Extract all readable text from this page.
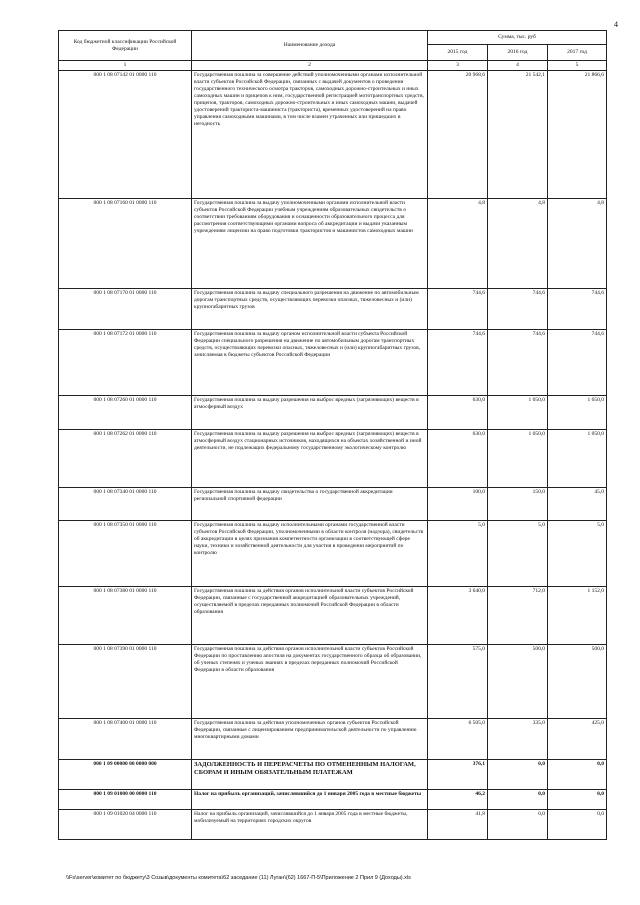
4
Код бюджетной классификации Российской Федерации	Наименование дохода	Сумма, тыс. руб		
		2015 год	2016 год	2017 год
1	2	3	4	5
000 1 08 07142 01 0000 110	Государственная пошлина за совершение действий уполномоченными органами исполнительной власти субъектов Российской Федерации, связанных с выдачей документов о проведении государственного технического осмотра тракторов, самоходных дорожно-строительных и иных самоходных машин и прицепов к ним, государственной регистрацией мототранспортных средств, прицепов, тракторов, самоходных дорожно-строительных и иных самоходных машин, выдачей удостоверений тракториста-машиниста (тракториста), временных удостоверений на право управления самоходными машинами, в том числе взамен утраченных или пришедших в негодность	20 968,6	21 542,1	21 866,6
000 1 08 07160 01 0000 110	Государственная пошлина за выдачу уполномоченными органами исполнительной власти субъектов Российской Федерации учебным учреждениям образовательных свидетельств о соответствии требованиям оборудования и оснащенности образовательного процесса для рассмотрения соответствующими органами вопроса об аккредитации и выдачи указанным учреждениям лицензии на право подготовки трактористов и машинистов самоходных машин	4,8	4,8	4,8
000 1 08 07170 01 0000 110	Государственная пошлина за выдачу специального разрешения на движение по автомобильным дорогам транспортных средств, осуществляющих перевозки опасных, тяжеловесных и (или) крупногабаритных грузов	744,6	744,6	744,6
000 1 08 07172 01 0000 110	Государственная пошлина за выдачу органом исполнительной власти субъекта Российской Федерации специального разрешения на движение по автомобильным дорогам транспортных средств, осуществляющих перевозки опасных, тяжеловесных и (или) крупногабаритных грузов, зачисляемая в бюджеты субъектов Российской Федерации	744,6	744,6	744,6
000 1 08 07260 01 0000 110	Государственная пошлина за выдачу разрешения на выброс вредных (загрязняющих) веществ в атмосферный воздух	630,0	1 050,0	1 050,0
000 1 08 07262 01 0000 110	Государственная пошлина за выдачу разрешения на выброс вредных (загрязняющих) веществ в атмосферный воздух стационарных источников, находящихся на объектах хозяйственной и иной деятельности, не подлежащих федеральному государственному экологическому контролю	630,0	1 050,0	1 050,0
000 1 08 07340 01 0000 110	Государственная пошлина за выдачу свидетельства о государственной аккредитации региональной спортивной федерации	100,0	150,0	45,0
000 1 08 07350 01 0000 110	Государственная пошлина за выдачу исполнительными органами государственной власти субъектов Российской Федерации, уполномоченными в области контроля (надзора), свидетельств об аккредитации в целях признания компетентности организации в соответствующей сфере науки, техники и хозяйственной деятельности для участия в проведении мероприятий по контролю	5,0	5,0	5,0
000 1 08 07380 01 0000 110	Государственная пошлина за действия органов исполнительной власти субъектов Российской Федерации, связанные с государственной аккредитацией образовательных учреждений, осуществляемой в пределах переданных полномочий Российской Федерации в области образования	3 640,0	712,0	1 152,0
000 1 08 07390 01 0000 110	Государственная пошлина за действия органов исполнительной власти субъектов Российской Федерации по проставлению апостиля на документах государственного образца об образовании, об ученых степенях и ученых званиях в пределах переданных полномочий Российской Федерации в области образования	575,0	500,0	500,0
000 1 08 07400 01 0000 110	Государственная пошлина за действия уполномоченных органов субъектов Российской Федерации, связанные с лицензированием предпринимательской деятельности по управлению многоквартирными домами	6 505,0	335,0	425,0
000 1 09 00000 00 0000 000	ЗАДОЛЖЕННОСТЬ И ПЕРЕРАСЧЕТЫ ПО ОТМЕНЕННЫМ НАЛОГАМ, СБОРАМ И ИНЫМ ОБЯЗАТЕЛЬНЫМ ПЛАТЕЖАМ	376,1	0,0	0,0
000 1 09 01000 00 0000 110	Налог на прибыль организаций, зачислявшийся до 1 января 2005 года в местные бюджеты	46,2	0,0	0,0
000 1 09 01020 04 0000 110	Налог на прибыль организаций, зачислявшийся до 1 января 2005 года в местные бюджеты, мобилизуемый на территориях городских округов	41,8	0,0	0,0
\\Fs\server\комитет по бюджету\3 Созыв\документы комитета\62 заседание (11) Луган\(62) 1667-П-5\Приложение 2 Прил 9 (Доходы).xls
